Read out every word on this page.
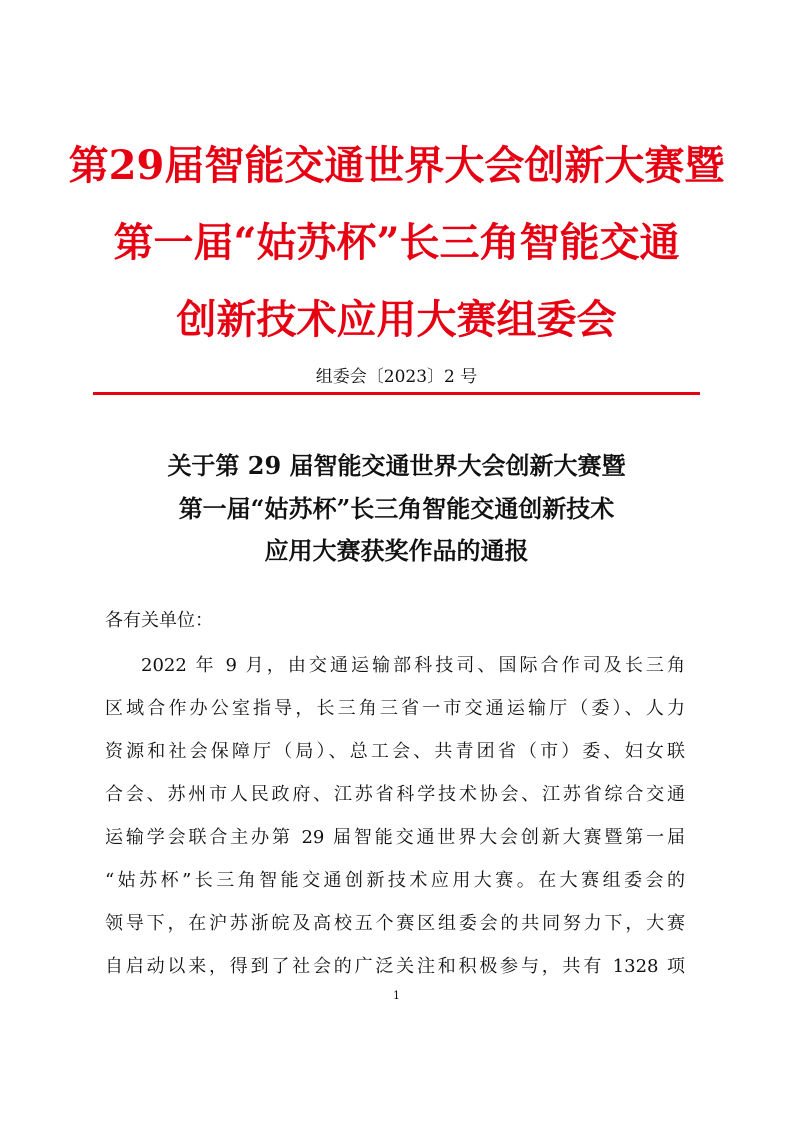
第29届智能交通世界大会创新大赛暨
第一届“姑苏杯”长三角智能交通
创新技术应用大赛组委会
组委会〔2023〕2 号
关于第 29 届智能交通世界大会创新大赛暨
第一届“姑苏杯”长三角智能交通创新技术
应用大赛获奖作品的通报
各有关单位：
2022 年 9 月，由交通运输部科技司、国际合作司及长三角
区域合作办公室指导，长三角三省一市交通运输厅（委）、人力
资源和社会保障厅（局）、总工会、共青团省（市）委、妇女联
合会、苏州市人民政府、江苏省科学技术协会、江苏省综合交通
运输学会联合主办第 29 届智能交通世界大会创新大赛暨第一届
“姑苏杯”长三角智能交通创新技术应用大赛。在大赛组委会的
领导下，在沪苏浙皖及高校五个赛区组委会的共同努力下，大赛
自启动以来，得到了社会的广泛关注和积极参与，共有 1328 项
1
